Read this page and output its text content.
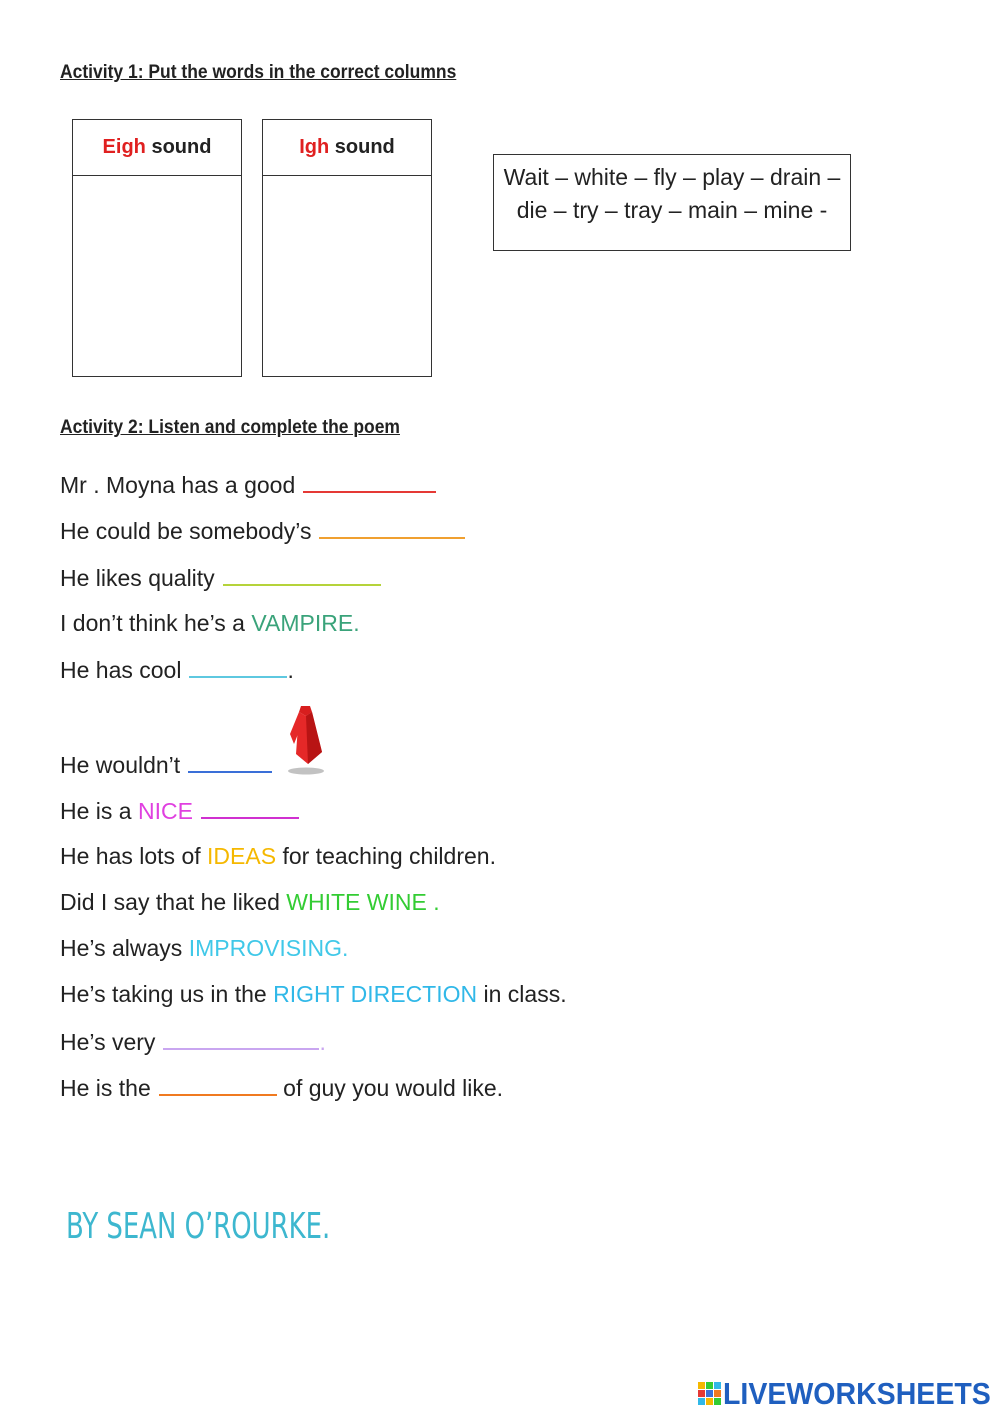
Activity 1: Put the words in the correct columns
Eigh sound	Igh sound
Wait – white – fly – play – drain –
die – try – tray – main – mine -
Activity 2: Listen and complete the poem
Mr . Moyna has a good
He could be somebody’s
He likes quality
I don’t think he’s a VAMPIRE.
He has cool	.
He wouldn’t
He is a NICE
He has lots of IDEAS for teaching children.
Did I say that he liked WHITE WINE .
He’s always IMPROVISING.
He’s taking us in the RIGHT DIRECTION in class.
He’s very	.
He is the	of guy you would like.
BY SEAN O’ROURKE.
LIVEWORKSHEETS
